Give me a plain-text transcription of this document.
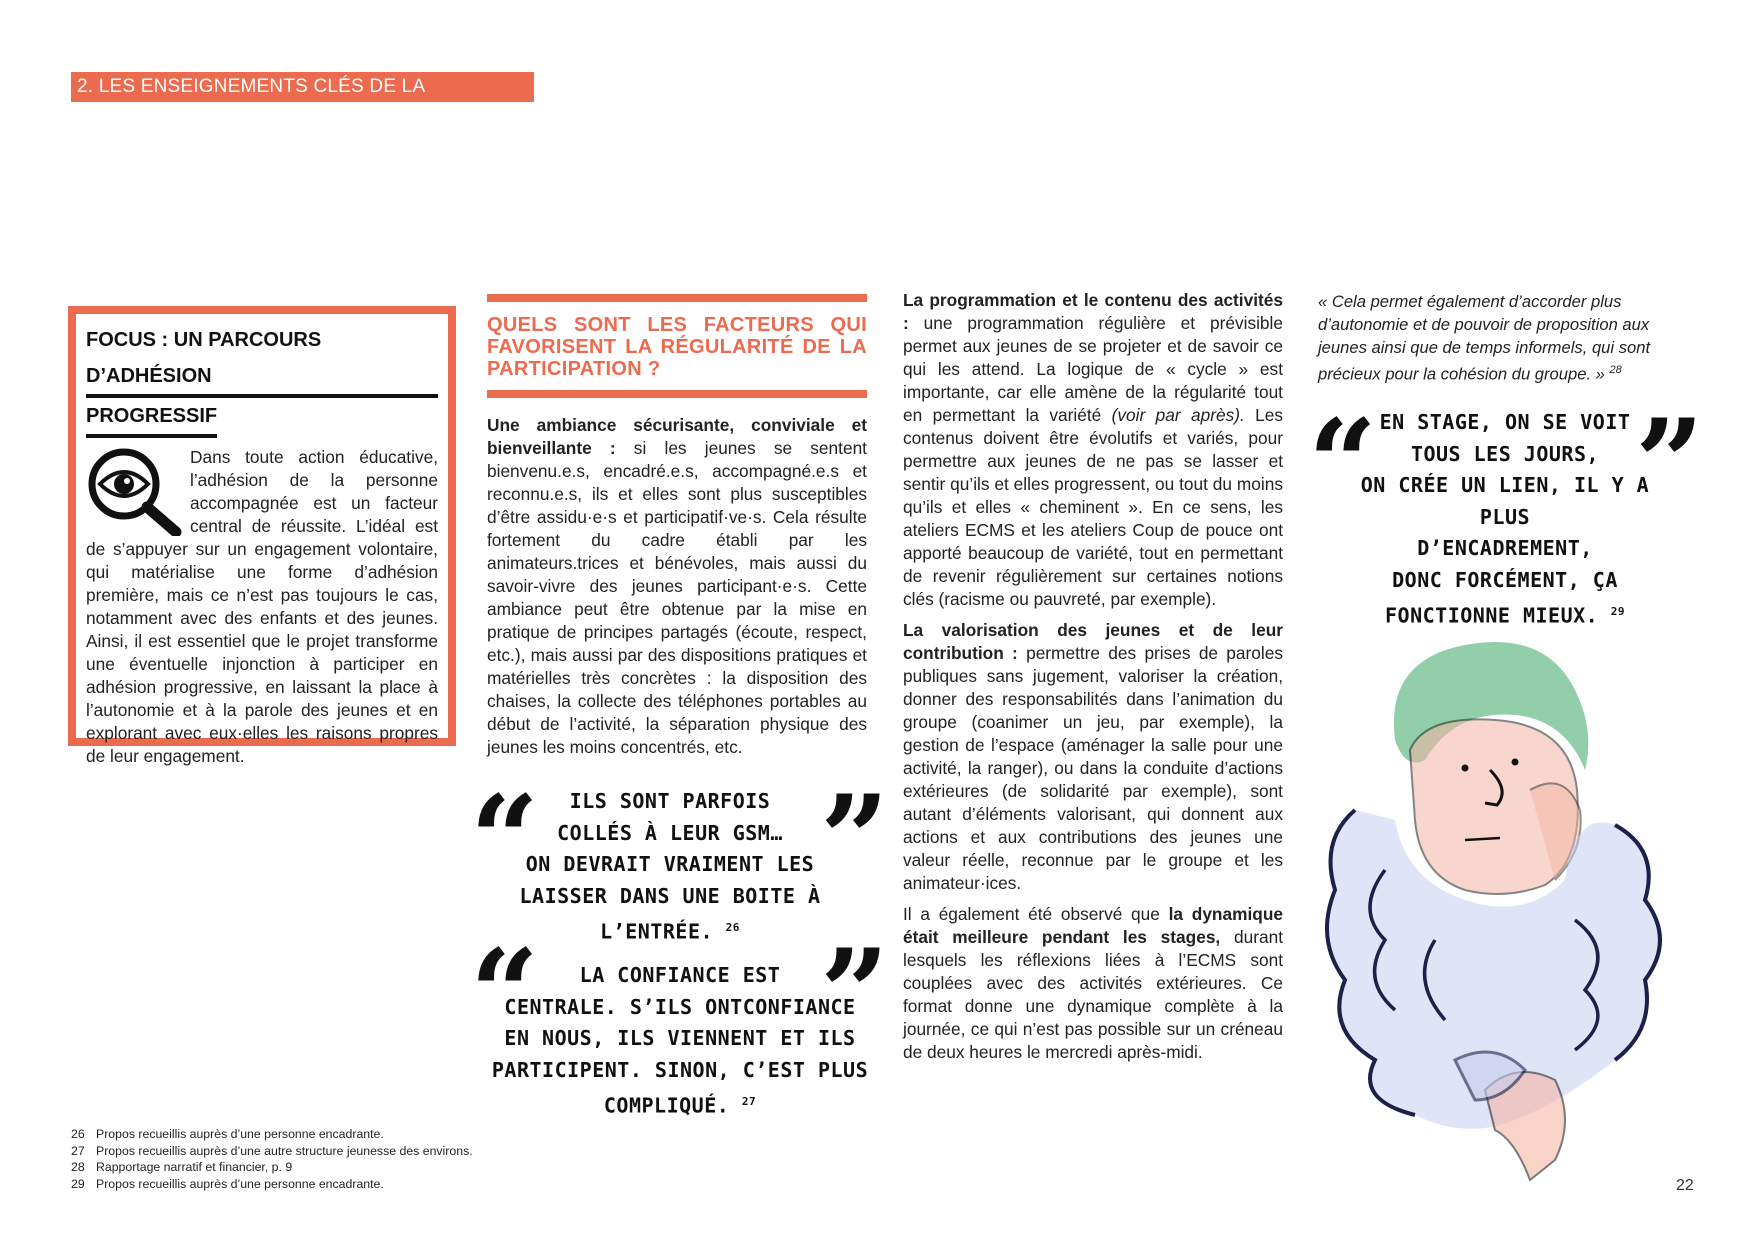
2. LES ENSEIGNEMENTS CLÉS DE LA DÉMARCHE
FOCUS : UN PARCOURS D’ADHÉSION
PROGRESSIF
Dans toute action éducative, l’adhésion de la personne accompagnée est un facteur central de réussite. L’idéal est de s’appuyer sur un engagement volontaire, qui matérialise une forme d’adhésion première, mais ce n’est pas toujours le cas, notamment avec des enfants et des jeunes. Ainsi, il est essentiel que le projet transforme une éventuelle injonction à participer en adhésion progressive, en laissant la place à l’autonomie et à la parole des jeunes et en explorant avec eux·elles les raisons propres de leur engagement.
QUELS SONT LES FACTEURS QUI FAVORISENT LA RÉGULARITÉ DE LA PARTICIPATION ?

Une ambiance sécurisante, conviviale et bienveillante : si les jeunes se sentent bienvenu.e.s, encadré.e.s, accompagné.e.s et reconnu.e.s, ils et elles sont plus susceptibles d’être assidu·e·s et participatif·ve·s. Cela résulte fortement du cadre établi par les animateurs.trices et bénévoles, mais aussi du savoir-vivre des jeunes participant·e·s. Cette ambiance peut être obtenue par la mise en pratique de principes partagés (écoute, respect, etc.), mais aussi par des dispositions pratiques et matérielles très concrètes : la disposition des chaises, la collecte des téléphones portables au début de l’activité, la séparation physique des jeunes les moins concentrés, etc.

“ ”
ILS SONT PARFOIS
COLLÉS À LEUR GSM…
ON DEVRAIT VRAIMENT LES
LAISSER DANS UNE BOITE À
L’ENTRÉE. $^{26}$
“ ”
LA CONFIANCE EST
CENTRALE. S’ILS ONTCONFIANCE
EN NOUS, ILS VIENNENT ET ILS
PARTICIPENT. SINON, C’EST PLUS
COMPLIQUÉ. $^{27}$

La programmation et le contenu des activités : une programmation régulière et prévisible permet aux jeunes de se projeter et de savoir ce qui les attend. La logique de « cycle » est importante, car elle amène de la régularité tout en permettant la variété (voir par après). Les contenus doivent être évolutifs et variés, pour permettre aux jeunes de ne pas se lasser et sentir qu’ils et elles progressent, ou tout du moins qu’ils et elles « cheminent ». En ce sens, les ateliers ECMS et les ateliers Coup de pouce ont apporté beaucoup de variété, tout en permettant de revenir régulièrement sur certaines notions clés (racisme ou pauvreté, par exemple).

La valorisation des jeunes et de leur contribution : permettre des prises de paroles publiques sans jugement, valoriser la création, donner des responsabilités dans l’animation du groupe (coanimer un jeu, par exemple), la gestion de l’espace (aménager la salle pour une activité, la ranger), ou dans la conduite d’actions extérieures (de solidarité par exemple), sont autant d’éléments valorisant, qui donnent aux actions et aux contributions des jeunes une valeur réelle, reconnue par le groupe et les animateur·ices.

Il a également été observé que la dynamique était meilleure pendant les stages, durant lesquels les réflexions liées à l’ECMS sont couplées avec des activités extérieures. Ce format donne une dynamique complète à la journée, ce qui n’est pas possible sur un créneau de deux heures le mercredi après-midi.

« Cela permet également d’accorder plus d’autonomie et de pouvoir de proposition aux jeunes ainsi que de temps informels, qui sont précieux pour la cohésion du groupe. » $^{28}$
“ ”
EN STAGE, ON SE VOIT
TOUS LES JOURS,
ON CRÉE UN LIEN, IL Y A PLUS
D’ENCADREMENT,
DONC FORCÉMENT, ÇA
FONCTIONNE MIEUX. $^{29}$
26 Propos recueillis auprès d’une personne encadrante.
27 Propos recueillis auprès d’une autre structure jeunesse des environs.
28 Rapportage narratif et financier, p. 9
29 Propos recueillis auprès d’une personne encadrante.	22
